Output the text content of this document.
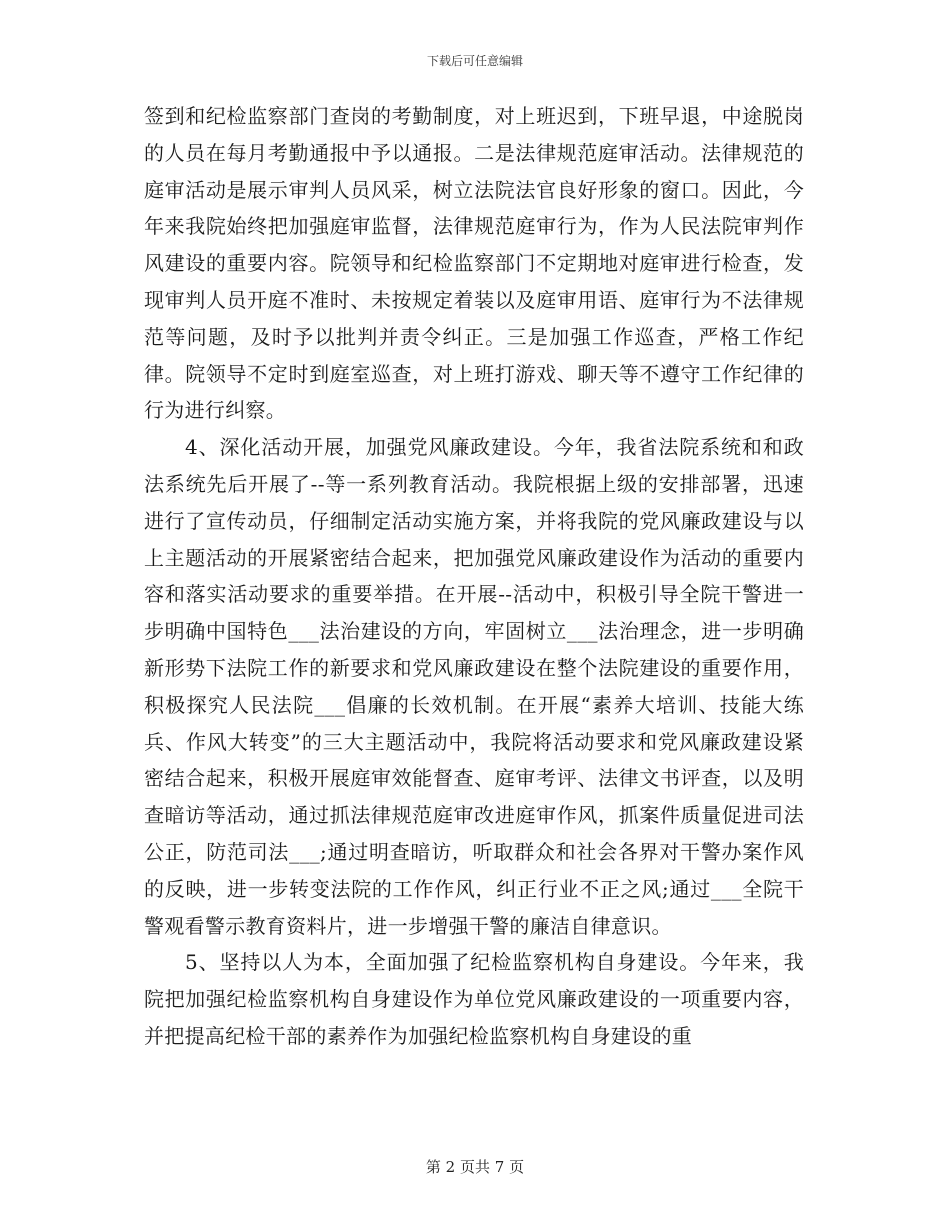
下载后可任意编辑

签到和纪检监察部门查岗的考勤制度，对上班迟到，下班早退，中途脱岗的人员在每月考勤通报中予以通报。二是法律规范庭审活动。法律规范的庭审活动是展示审判人员风采，树立法院法官良好形象的窗口。因此，今年来我院始终把加强庭审监督，法律规范庭审行为，作为人民法院审判作风建设的重要内容。院领导和纪检监察部门不定期地对庭审进行检查，发现审判人员开庭不准时、未按规定着装以及庭审用语、庭审行为不法律规范等问题，及时予以批判并责令纠正。三是加强工作巡查，严格工作纪律。院领导不定时到庭室巡查，对上班打游戏、聊天等不遵守工作纪律的行为进行纠察。

4、深化活动开展，加强党风廉政建设。今年，我省法院系统和和政法系统先后开展了--等一系列教育活动。我院根据上级的安排部署，迅速进行了宣传动员，仔细制定活动实施方案，并将我院的党风廉政建设与以上主题活动的开展紧密结合起来，把加强党风廉政建设作为活动的重要内容和落实活动要求的重要举措。在开展--活动中，积极引导全院干警进一步明确中国特色___法治建设的方向，牢固树立___法治理念，进一步明确新形势下法院工作的新要求和党风廉政建设在整个法院建设的重要作用，积极探究人民法院___倡廉的长效机制。在开展“素养大培训、技能大练兵、作风大转变”的三大主题活动中，我院将活动要求和党风廉政建设紧密结合起来，积极开展庭审效能督查、庭审考评、法律文书评查，以及明查暗访等活动，通过抓法律规范庭审改进庭审作风，抓案件质量促进司法公正，防范司法___;通过明查暗访，听取群众和社会各界对干警办案作风的反映，进一步转变法院的工作作风，纠正行业不正之风;通过___全院干警观看警示教育资料片，进一步增强干警的廉洁自律意识。

5、坚持以人为本，全面加强了纪检监察机构自身建设。今年来，我院把加强纪检监察机构自身建设作为单位党风廉政建设的一项重要内容，并把提高纪检干部的素养作为加强纪检监察机构自身建设的重

第 2 页共 7 页
